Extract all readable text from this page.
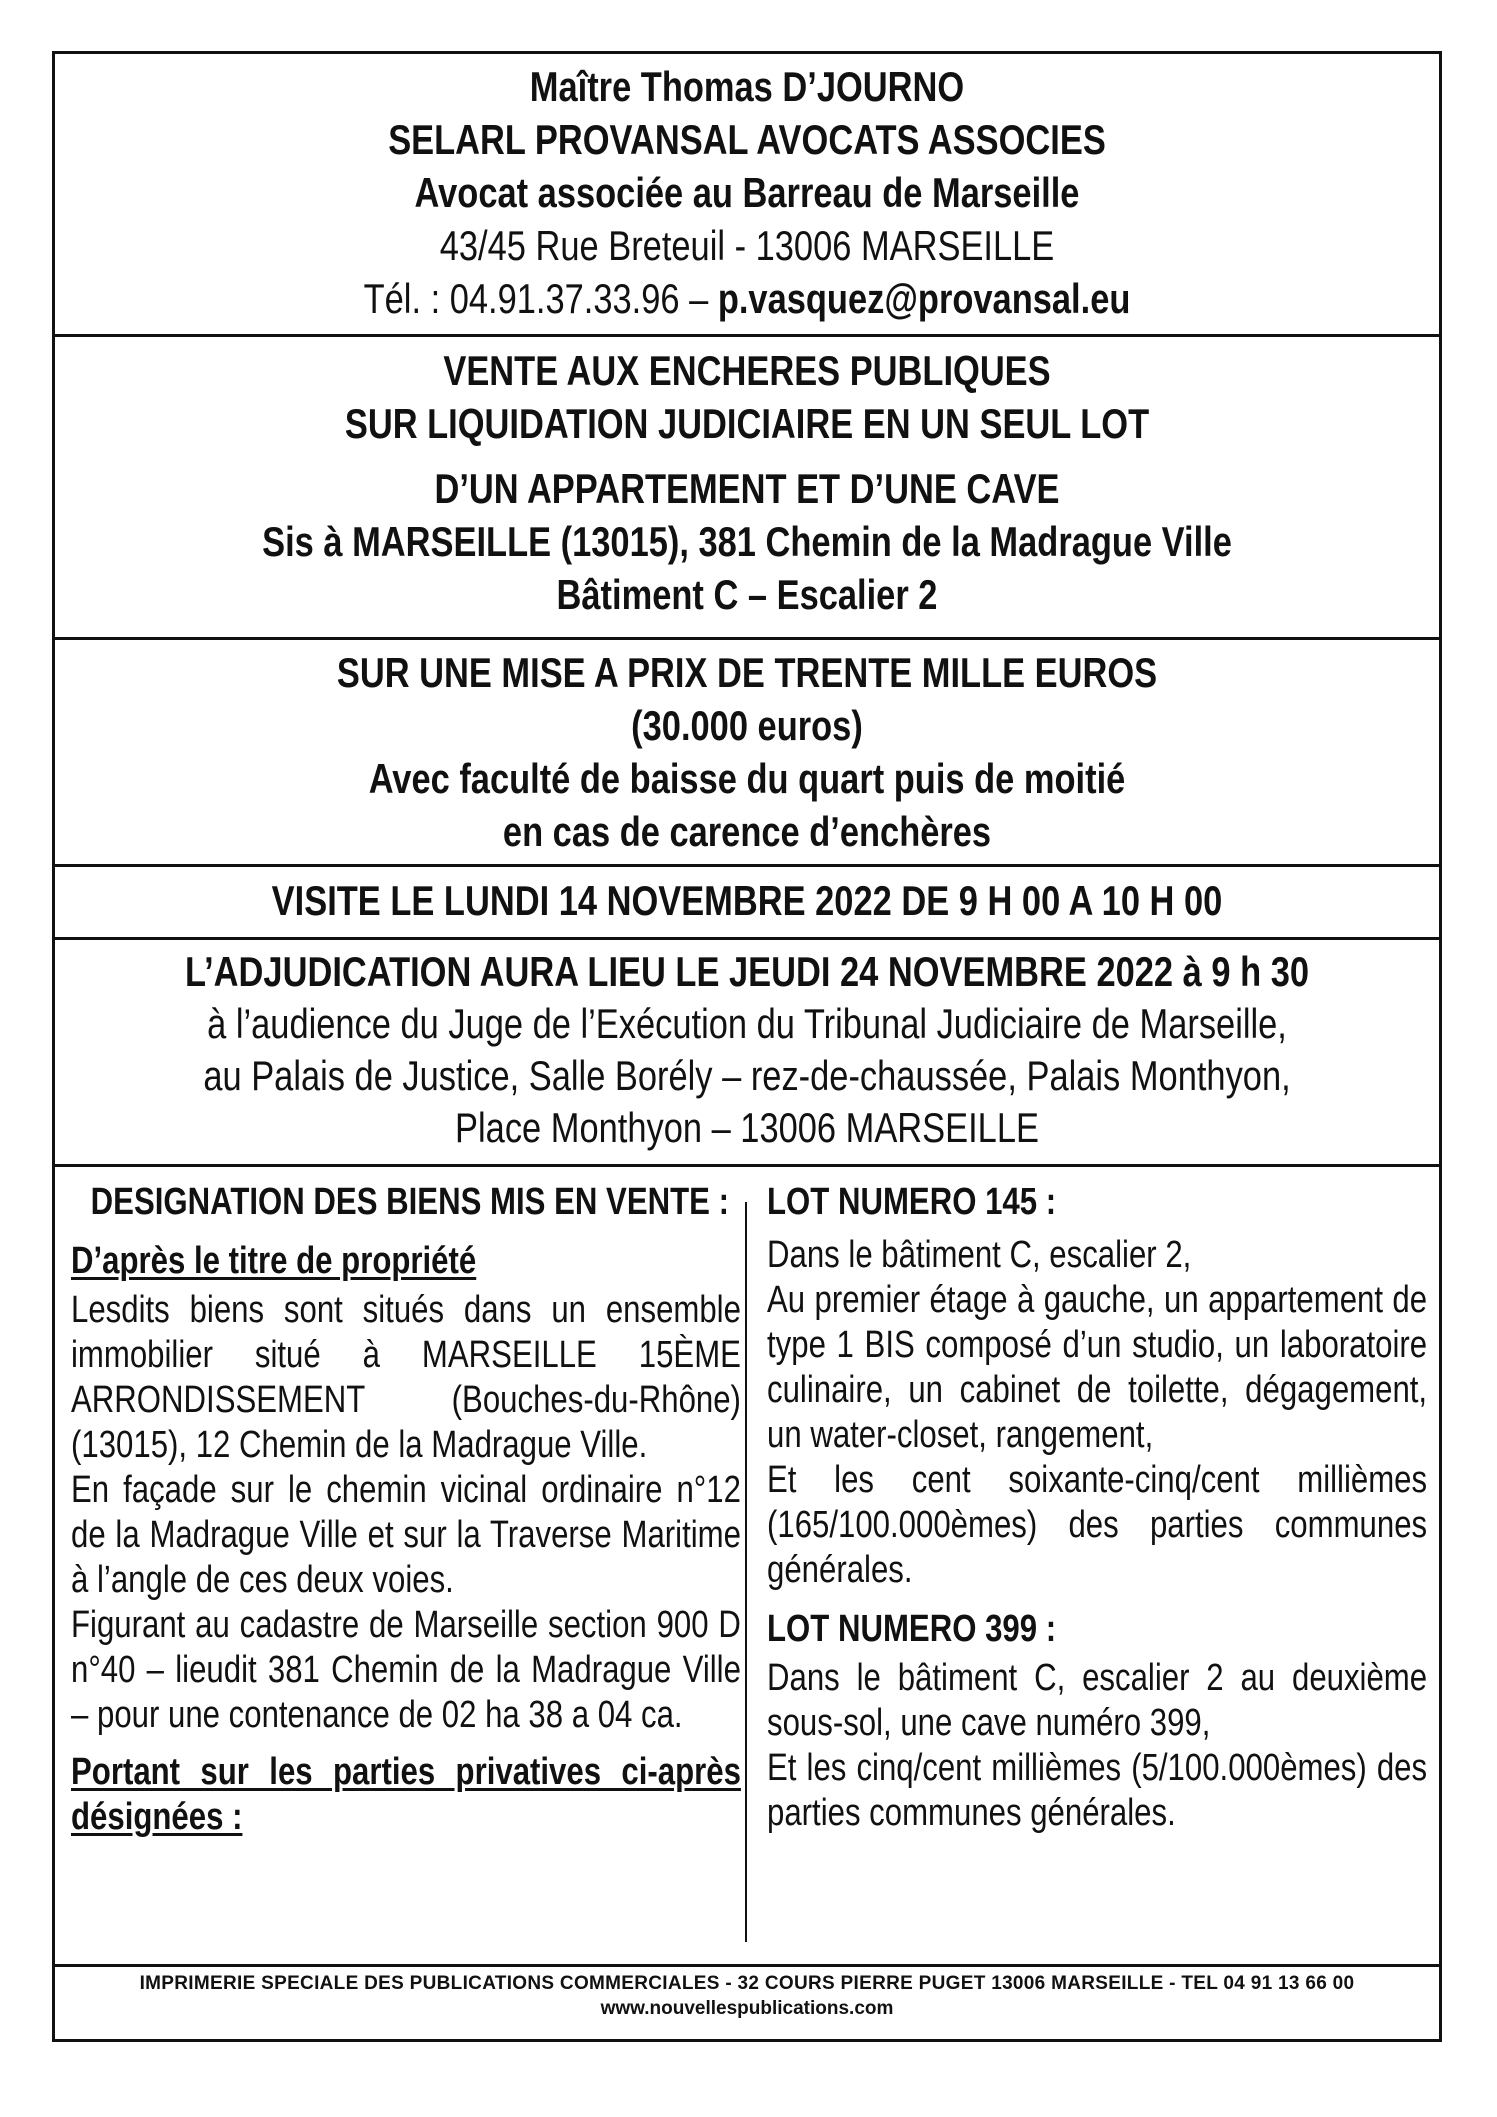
Maître Thomas D’JOURNO
SELARL PROVANSAL AVOCATS ASSOCIES
Avocat associée au Barreau de Marseille
43/45 Rue Breteuil - 13006 MARSEILLE
Tél. : 04.91.37.33.96 – p.vasquez@provansal.eu
VENTE AUX ENCHERES PUBLIQUES
SUR LIQUIDATION JUDICIAIRE EN UN SEUL LOT
D’UN APPARTEMENT ET D’UNE CAVE
Sis à MARSEILLE (13015), 381 Chemin de la Madrague Ville
Bâtiment C – Escalier 2
SUR UNE MISE A PRIX DE TRENTE MILLE EUROS
(30.000 euros)
Avec faculté de baisse du quart puis de moitié
en cas de carence d’enchères
VISITE LE LUNDI 14 NOVEMBRE 2022 DE 9 H 00 A 10 H 00
L’ADJUDICATION AURA LIEU LE JEUDI 24 NOVEMBRE 2022 à 9 h 30
à l’audience du Juge de l’Exécution du Tribunal Judiciaire de Marseille,
au Palais de Justice, Salle Borély – rez-de-chaussée, Palais Monthyon,
Place Monthyon – 13006 MARSEILLE
DESIGNATION DES BIENS MIS EN VENTE :
D’après le titre de propriété
Lesdits biens sont situés dans un ensemble immobilier situé à MARSEILLE 15ÈME ARRONDISSEMENT (Bouches-du-Rhône) (13015), 12 Chemin de la Madrague Ville.
En façade sur le chemin vicinal ordinaire n°12 de la Madrague Ville et sur la Traverse Maritime à l’angle de ces deux voies.
Figurant au cadastre de Marseille section 900 D n°40 – lieudit 381 Chemin de la Madrague Ville – pour une contenance de 02 ha 38 a 04 ca.
Portant sur les parties privatives ci-après désignées :
LOT NUMERO 145 :
Dans le bâtiment C, escalier 2,
Au premier étage à gauche, un appartement de type 1 BIS composé d’un studio, un laboratoire culinaire, un cabinet de toilette, dégagement, un water-closet, rangement,
Et les cent soixante-cinq/cent millièmes (165/100.000èmes) des parties communes générales.
LOT NUMERO 399 :
Dans le bâtiment C, escalier 2 au deuxième sous-sol, une cave numéro 399,
Et les cinq/cent millièmes (5/100.000èmes) des parties communes générales.
IMPRIMERIE SPECIALE DES PUBLICATIONS COMMERCIALES - 32 COURS PIERRE PUGET 13006 MARSEILLE - TEL 04 91 13 66 00
www.nouvellespublications.com
